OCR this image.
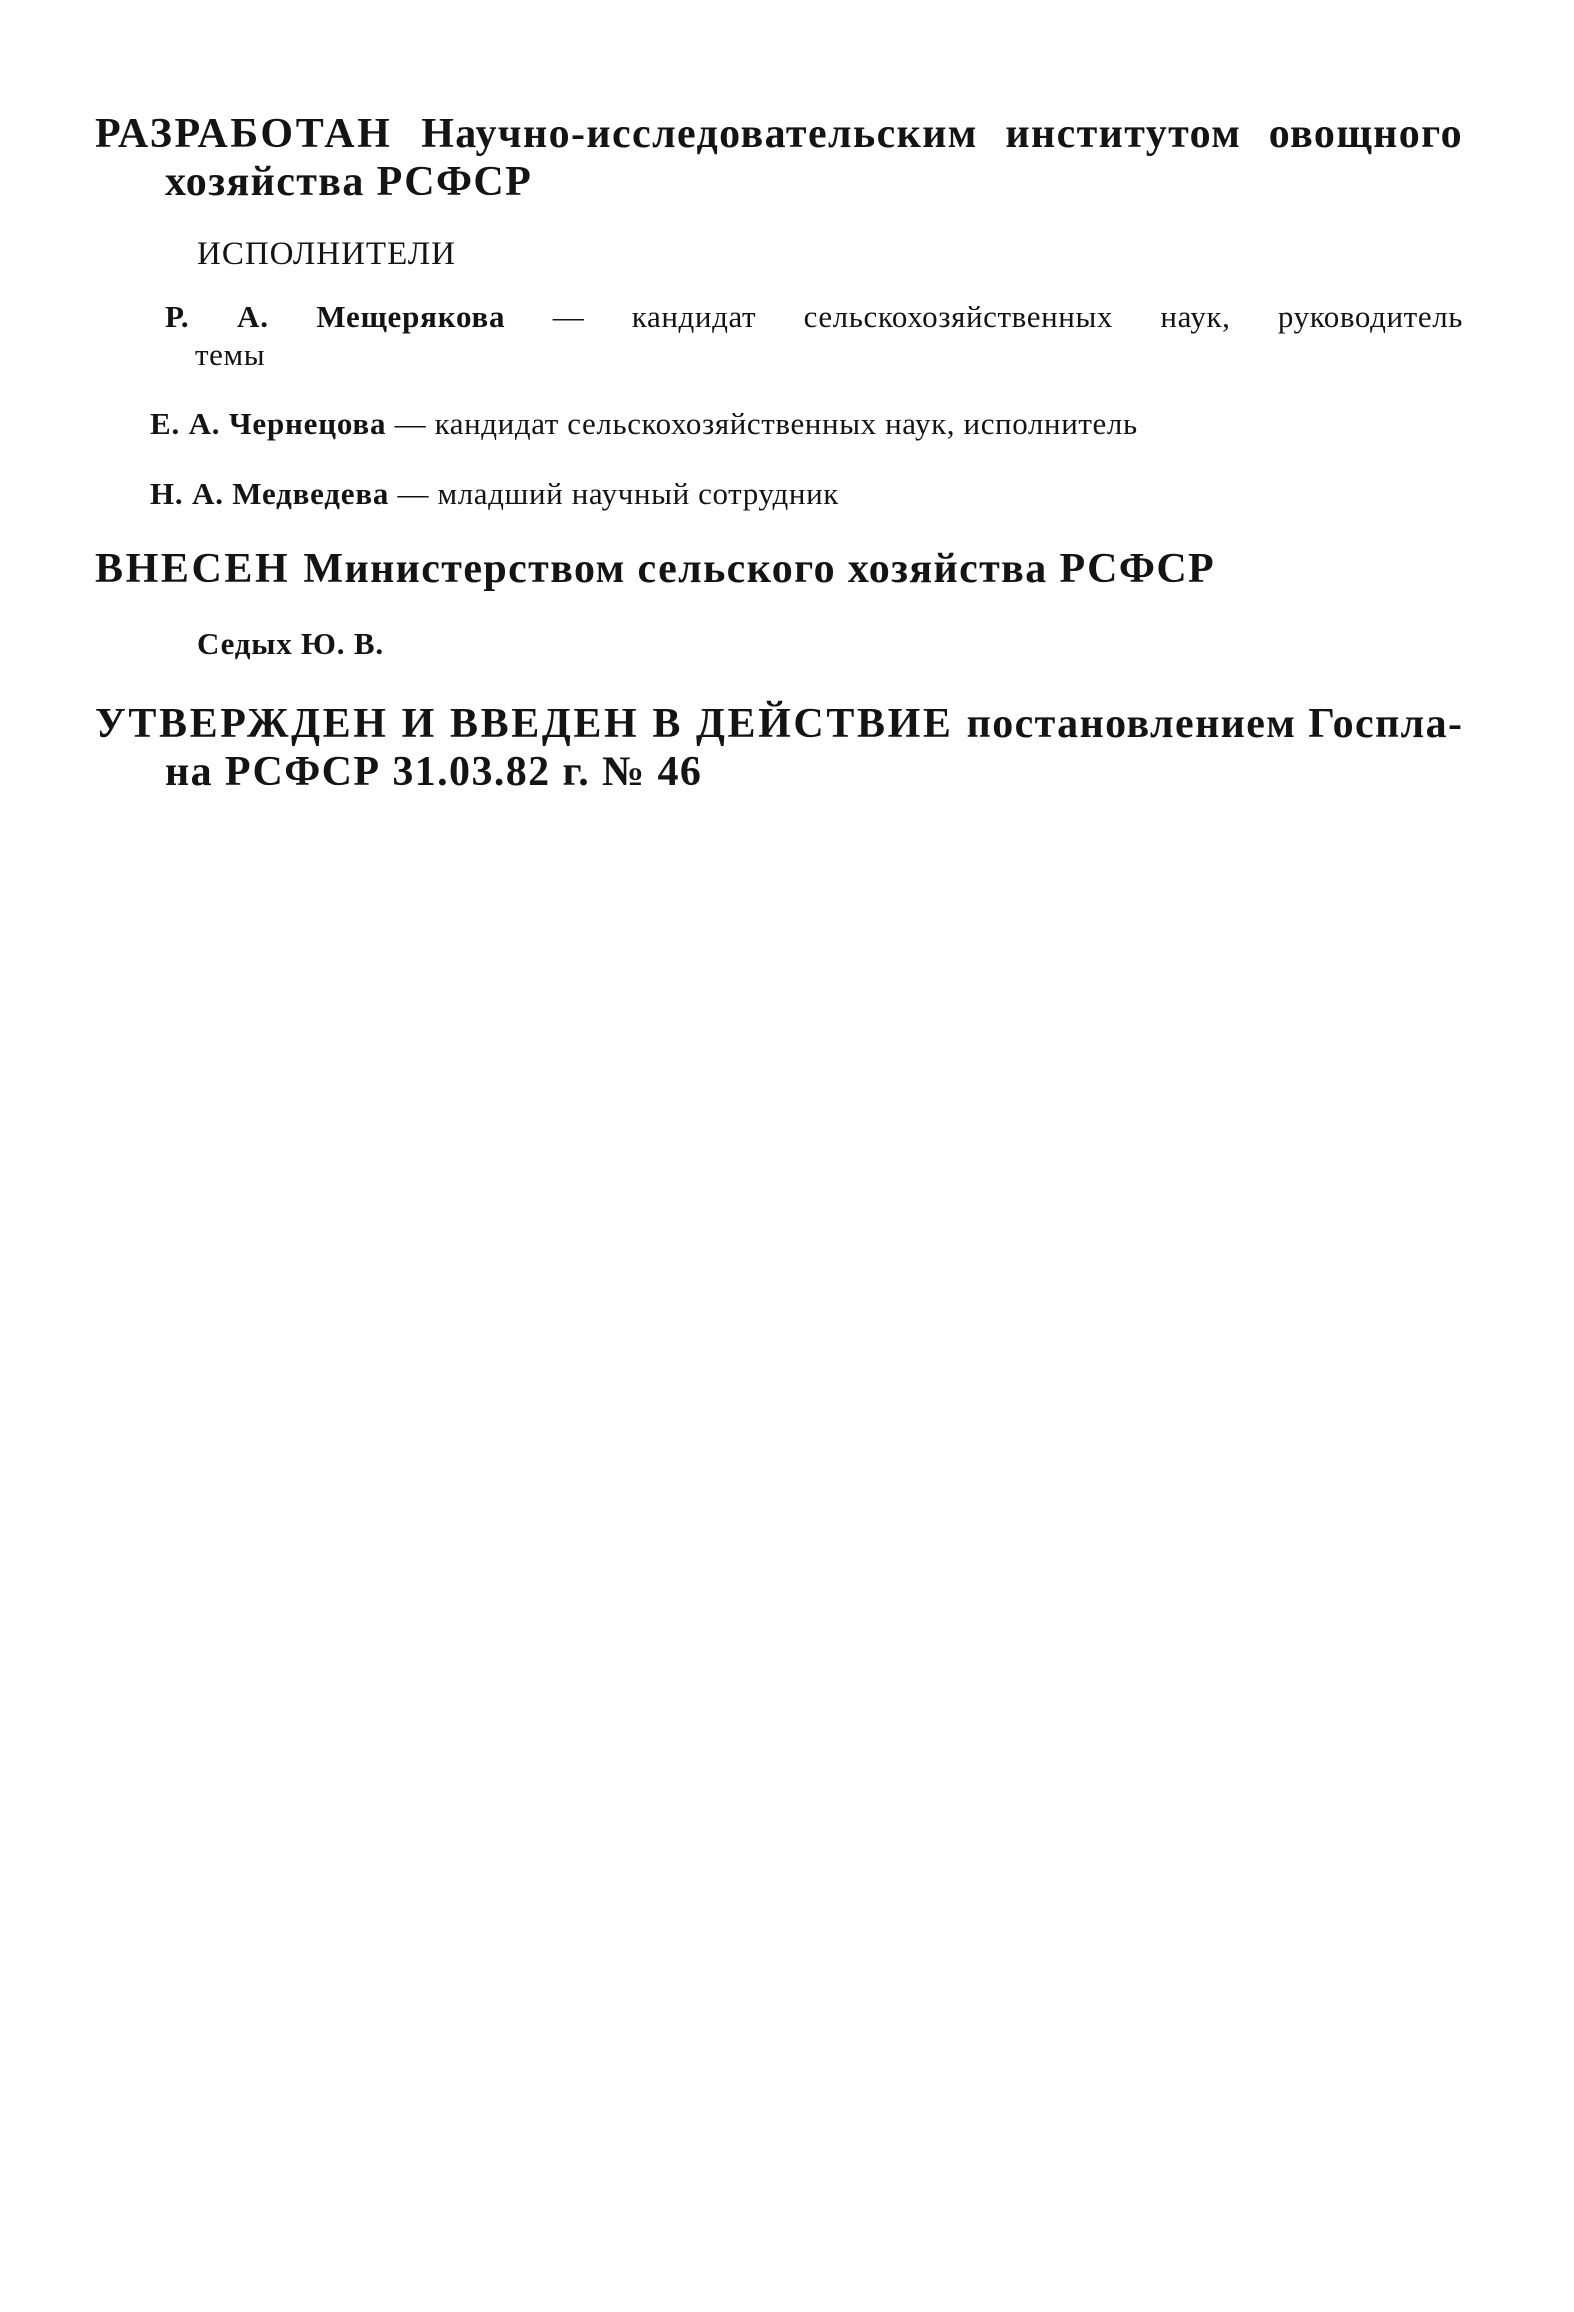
РАЗРАБОТАН Научно-исследовательским институтом овощного
хозяйства РСФСР

ИСПОЛНИТЕЛИ

Р. А. Мещерякова — кандидат сельскохозяйственных наук, руководитель
темы

Е. А. Чернецова — кандидат сельскохозяйственных наук, исполнитель

Н. А. Медведева — младший научный сотрудник

ВНЕСЕН Министерством сельского хозяйства РСФСР

Седых Ю. В.

УТВЕРЖДЕН И ВВЕДЕН В ДЕЙСТВИЕ постановлением Госпла-
на РСФСР 31.03.82 г. № 46
